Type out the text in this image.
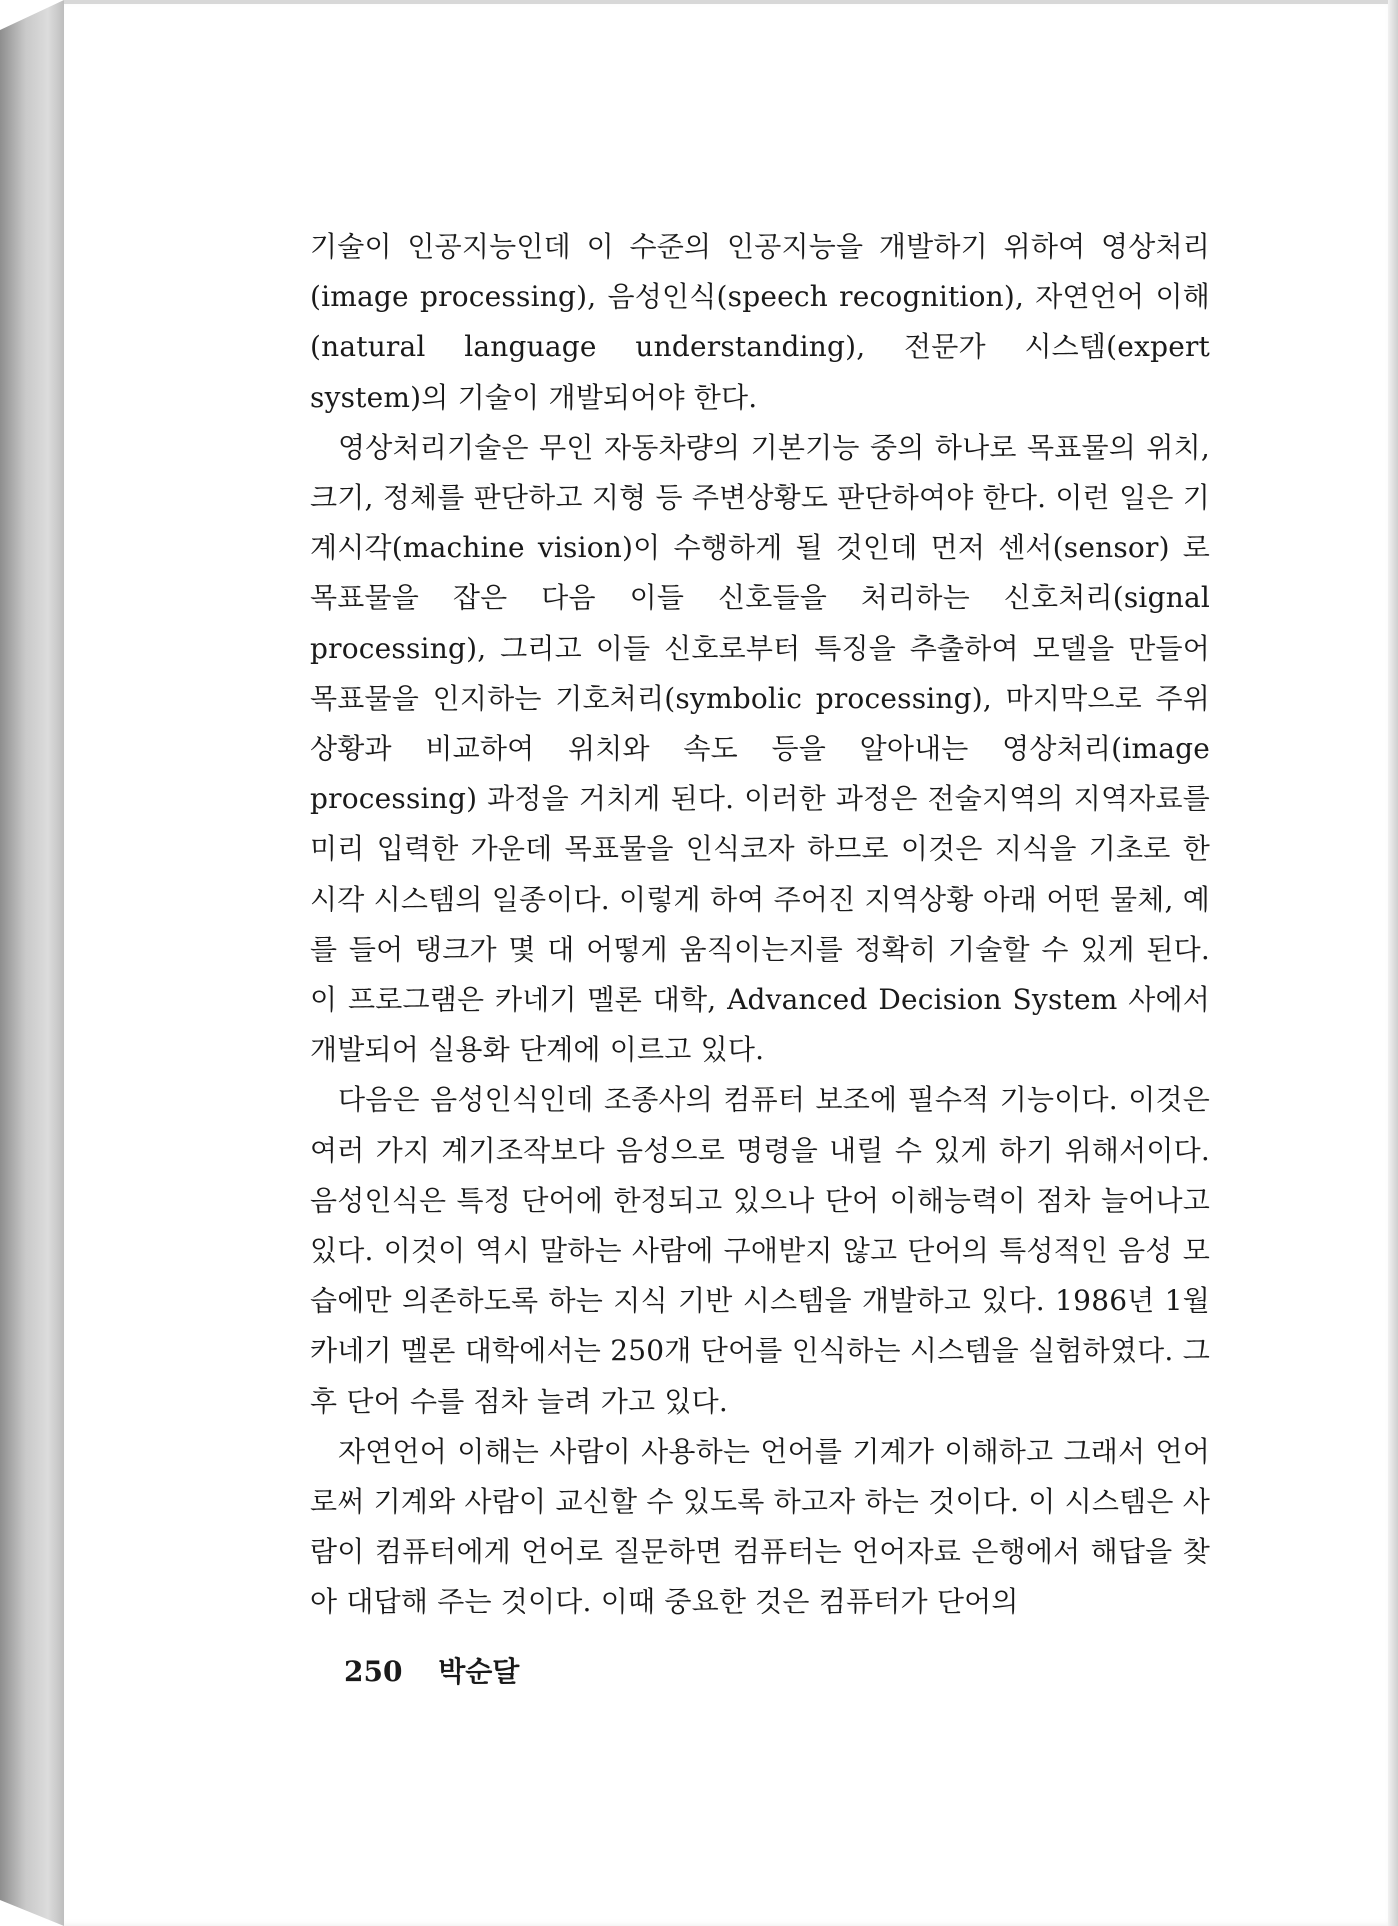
기술이 인공지능인데 이 수준의 인공지능을 개발하기 위하여 영상처리 (image processing), 음성인식(speech recognition), 자연언어 이해 (natural language understanding), 전문가 시스템(expert system)의 기술이 개발되어야 한다.

영상처리기술은 무인 자동차량의 기본기능 중의 하나로 목표물의 위치, 크기, 정체를 판단하고 지형 등 주변상황도 판단하여야 한다. 이런 일은 기계시각(machine vision)이 수행하게 될 것인데 먼저 센서(sensor) 로 목표물을 잡은 다음 이들 신호들을 처리하는 신호처리(signal processing), 그리고 이들 신호로부터 특징을 추출하여 모델을 만들어 목표물을 인지하는 기호처리(symbolic processing), 마지막으로 주위상황과 비교하여 위치와 속도 등을 알아내는 영상처리(image processing) 과정을 거치게 된다. 이러한 과정은 전술지역의 지역자료를 미리 입력한 가운데 목표물을 인식코자 하므로 이것은 지식을 기초로 한 시각 시스템의 일종이다. 이렇게 하여 주어진 지역상황 아래 어떤 물체, 예를 들어 탱크가 몇 대 어떻게 움직이는지를 정확히 기술할 수 있게 된다. 이 프로그램은 카네기 멜론 대학, Advanced Decision System 사에서 개발되어 실용화 단계에 이르고 있다.

다음은 음성인식인데 조종사의 컴퓨터 보조에 필수적 기능이다. 이것은 여러 가지 계기조작보다 음성으로 명령을 내릴 수 있게 하기 위해서이다. 음성인식은 특정 단어에 한정되고 있으나 단어 이해능력이 점차 늘어나고 있다. 이것이 역시 말하는 사람에 구애받지 않고 단어의 특성적인 음성 모습에만 의존하도록 하는 지식 기반 시스템을 개발하고 있다. 1986년 1월 카네기 멜론 대학에서는 250개 단어를 인식하는 시스템을 실험하였다. 그 후 단어 수를 점차 늘려 가고 있다.

자연언어 이해는 사람이 사용하는 언어를 기계가 이해하고 그래서 언어로써 기계와 사람이 교신할 수 있도록 하고자 하는 것이다. 이 시스템은 사람이 컴퓨터에게 언어로 질문하면 컴퓨터는 언어자료 은행에서 해답을 찾아 대답해 주는 것이다. 이때 중요한 것은 컴퓨터가 단어의

250 박순달
